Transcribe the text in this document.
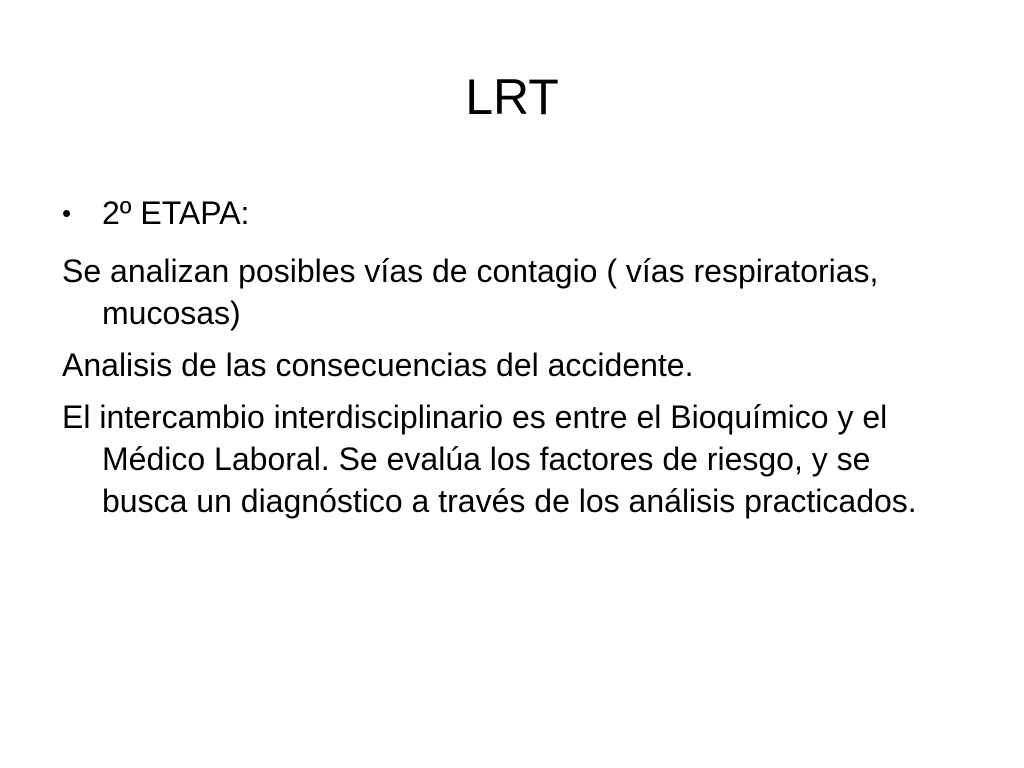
LRT
• 2º ETAPA:

Se analizan posibles vías de contagio ( vías respiratorias, mucosas)

Analisis de las consecuencias del accidente.

El intercambio interdisciplinario es entre el Bioquímico y el Médico Laboral. Se evalúa los factores de riesgo, y se busca un diagnóstico a través de los análisis practicados.
